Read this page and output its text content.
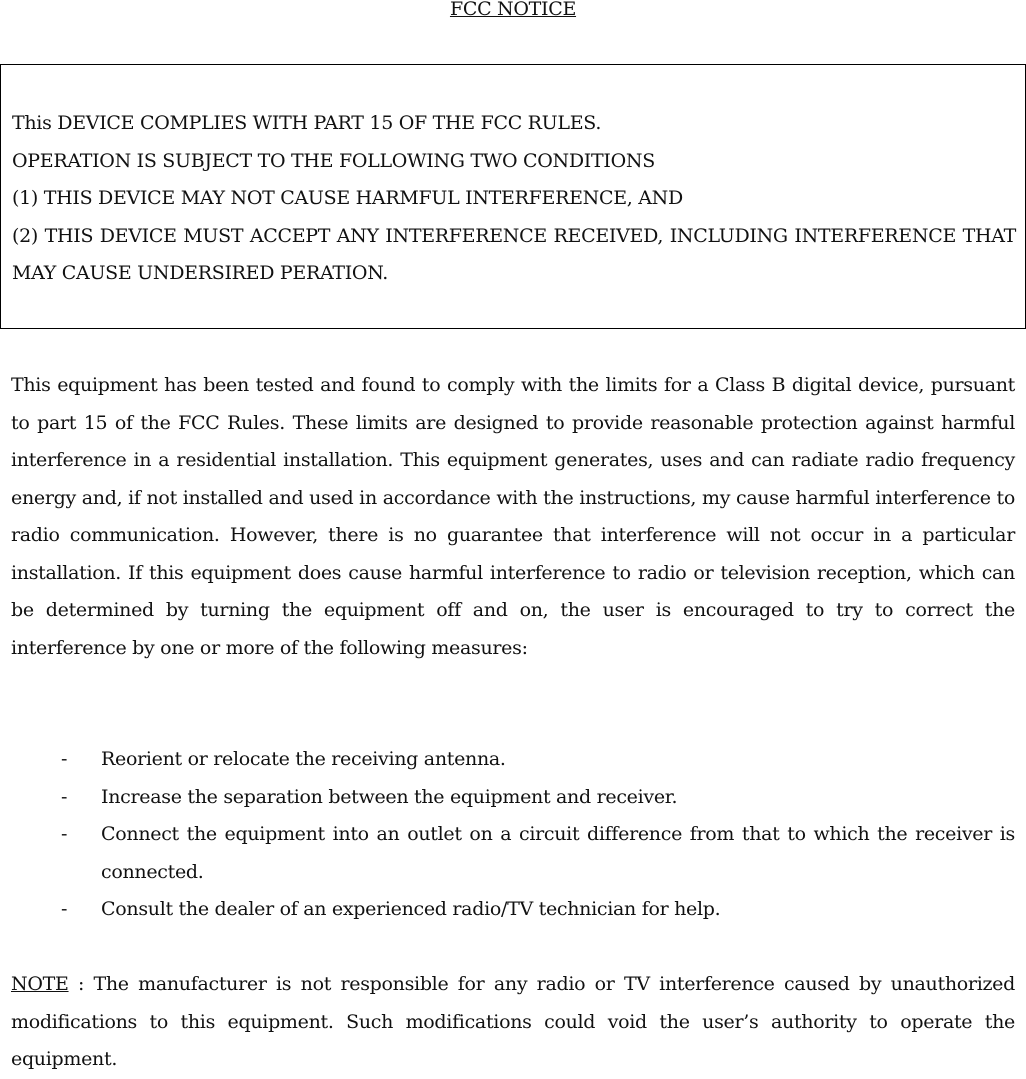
FCC NOTICE
This DEVICE COMPLIES WITH PART 15 OF THE FCC RULES.
OPERATION IS SUBJECT TO THE FOLLOWING TWO CONDITIONS
(1) THIS DEVICE MAY NOT CAUSE HARMFUL INTERFERENCE, AND
(2) THIS DEVICE MUST ACCEPT ANY INTERFERENCE RECEIVED, INCLUDING INTERFERENCE THAT MAY CAUSE UNDERSIRED PERATION.
This equipment has been tested and found to comply with the limits for a Class B digital device, pursuant to part 15 of the FCC Rules. These limits are designed to provide reasonable protection against harmful interference in a residential installation. This equipment generates, uses and can radiate radio frequency energy and, if not installed and used in accordance with the instructions, my cause harmful interference to radio communication. However, there is no guarantee that interference will not occur in a particular installation. If this equipment does cause harmful interference to radio or television reception, which can be determined by turning the equipment off and on, the user is encouraged to try to correct the interference by one or more of the following measures:
- Reorient or relocate the receiving antenna.
- Increase the separation between the equipment and receiver.
- Connect the equipment into an outlet on a circuit difference from that to which the receiver is connected.
- Consult the dealer of an experienced radio/TV technician for help.
NOTE : The manufacturer is not responsible for any radio or TV interference caused by unauthorized modifications to this equipment. Such modifications could void the user’s authority to operate the equipment.
